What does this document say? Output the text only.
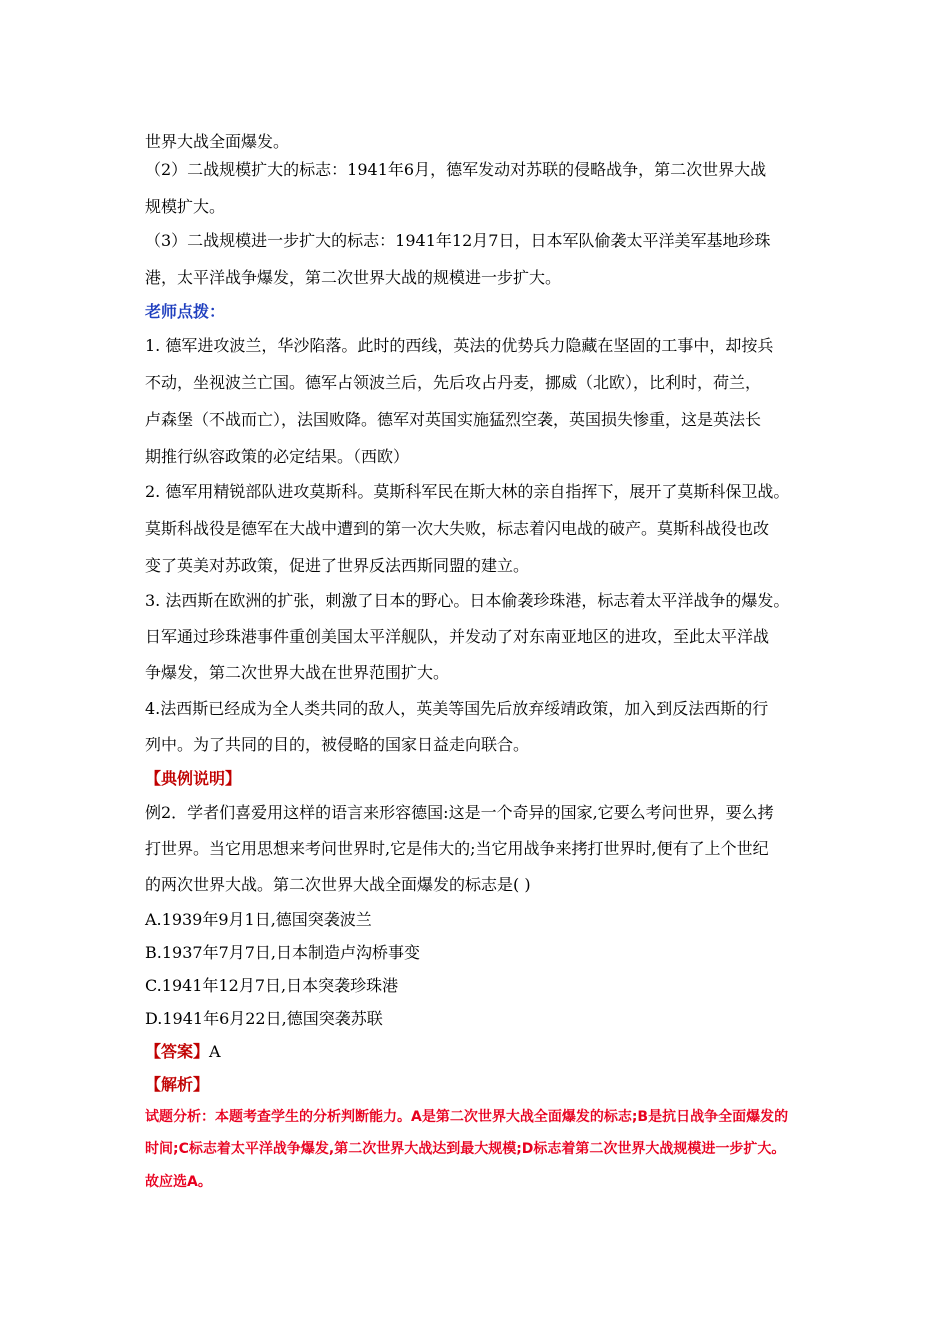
世界大战全面爆发。
（2）二战规模扩大的标志：1941年6月，德军发动对苏联的侵略战争，第二次世界大战
规模扩大。
（3）二战规模进一步扩大的标志：1941年12月7日，日本军队偷袭太平洋美军基地珍珠
港，太平洋战争爆发，第二次世界大战的规模进一步扩大。
老师点拨：
1. 德军进攻波兰，华沙陷落。此时的西线，英法的优势兵力隐藏在坚固的工事中，却按兵
不动，坐视波兰亡国。德军占领波兰后，先后攻占丹麦，挪威（北欧），比利时，荷兰，
卢森堡（不战而亡），法国败降。德军对英国实施猛烈空袭，英国损失惨重，这是英法长
期推行纵容政策的必定结果。（西欧）
2. 德军用精锐部队进攻莫斯科。莫斯科军民在斯大林的亲自指挥下，展开了莫斯科保卫战。
莫斯科战役是德军在大战中遭到的第一次大失败，标志着闪电战的破产。莫斯科战役也改
变了英美对苏政策，促进了世界反法西斯同盟的建立。
3. 法西斯在欧洲的扩张，刺激了日本的野心。日本偷袭珍珠港，标志着太平洋战争的爆发。
日军通过珍珠港事件重创美国太平洋舰队，并发动了对东南亚地区的进攻，至此太平洋战
争爆发，第二次世界大战在世界范围扩大。
4.法西斯已经成为全人类共同的敌人，英美等国先后放弃绥靖政策，加入到反法西斯的行
列中。为了共同的目的，被侵略的国家日益走向联合。
【典例说明】
例2．学者们喜爱用这样的语言来形容德国:这是一个奇异的国家,它要么考问世界，要么拷
打世界。当它用思想来考问世界时,它是伟大的;当它用战争来拷打世界时,便有了上个世纪
的两次世界大战。第二次世界大战全面爆发的标志是( )
A.1939年9月1日,德国突袭波兰
B.1937年7月7日,日本制造卢沟桥事变
C.1941年12月7日,日本突袭珍珠港
D.1941年6月22日,德国突袭苏联
【答案】A
【解析】
试题分析：本题考查学生的分析判断能力。A是第二次世界大战全面爆发的标志;B是抗日战争全面爆发的
时间;C标志着太平洋战争爆发,第二次世界大战达到最大规模;D标志着第二次世界大战规模进一步扩大。
故应选A。
